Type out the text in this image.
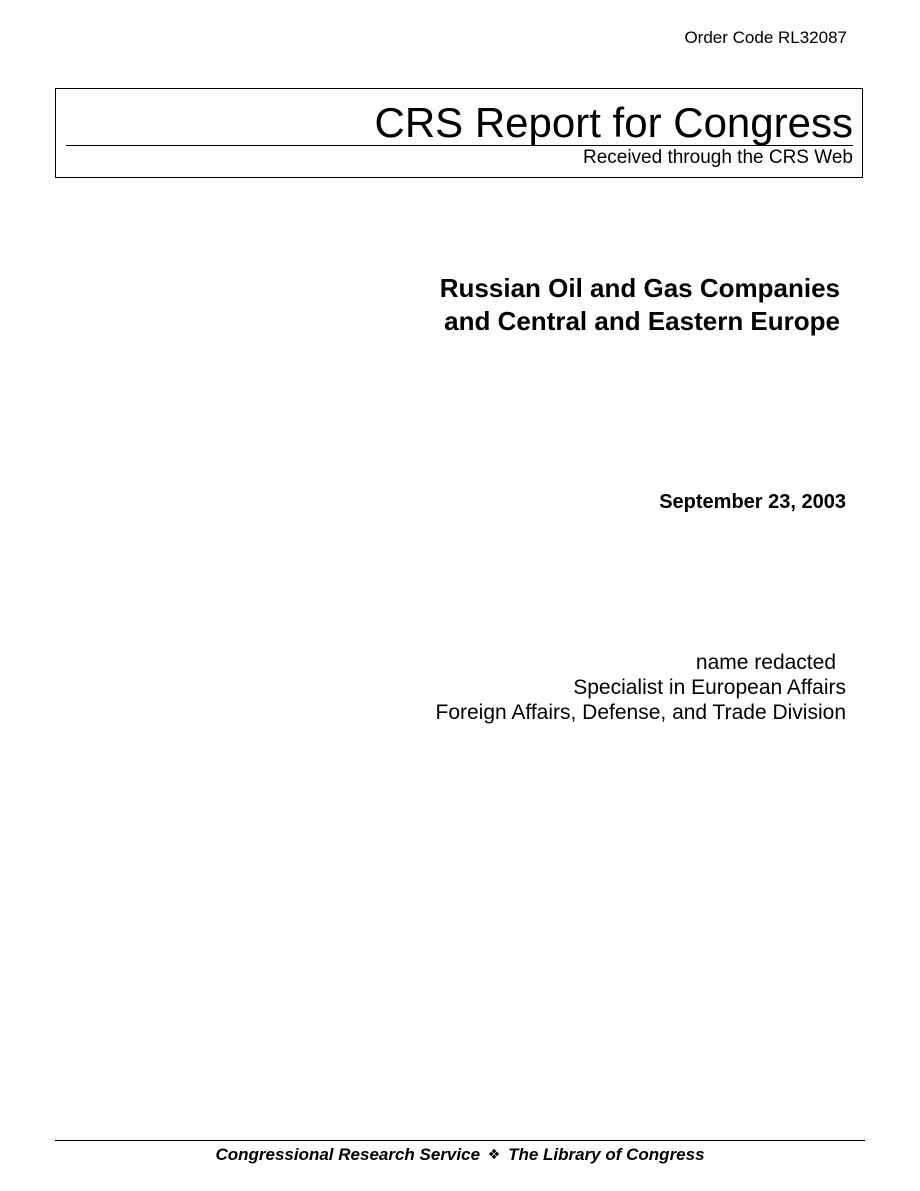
Order Code RL32087
CRS Report for Congress
Received through the CRS Web
Russian Oil and Gas Companies
and Central and Eastern Europe
September 23, 2003
name redacted
Specialist in European Affairs
Foreign Affairs, Defense, and Trade Division
Congressional Research Service ❖ The Library of Congress
